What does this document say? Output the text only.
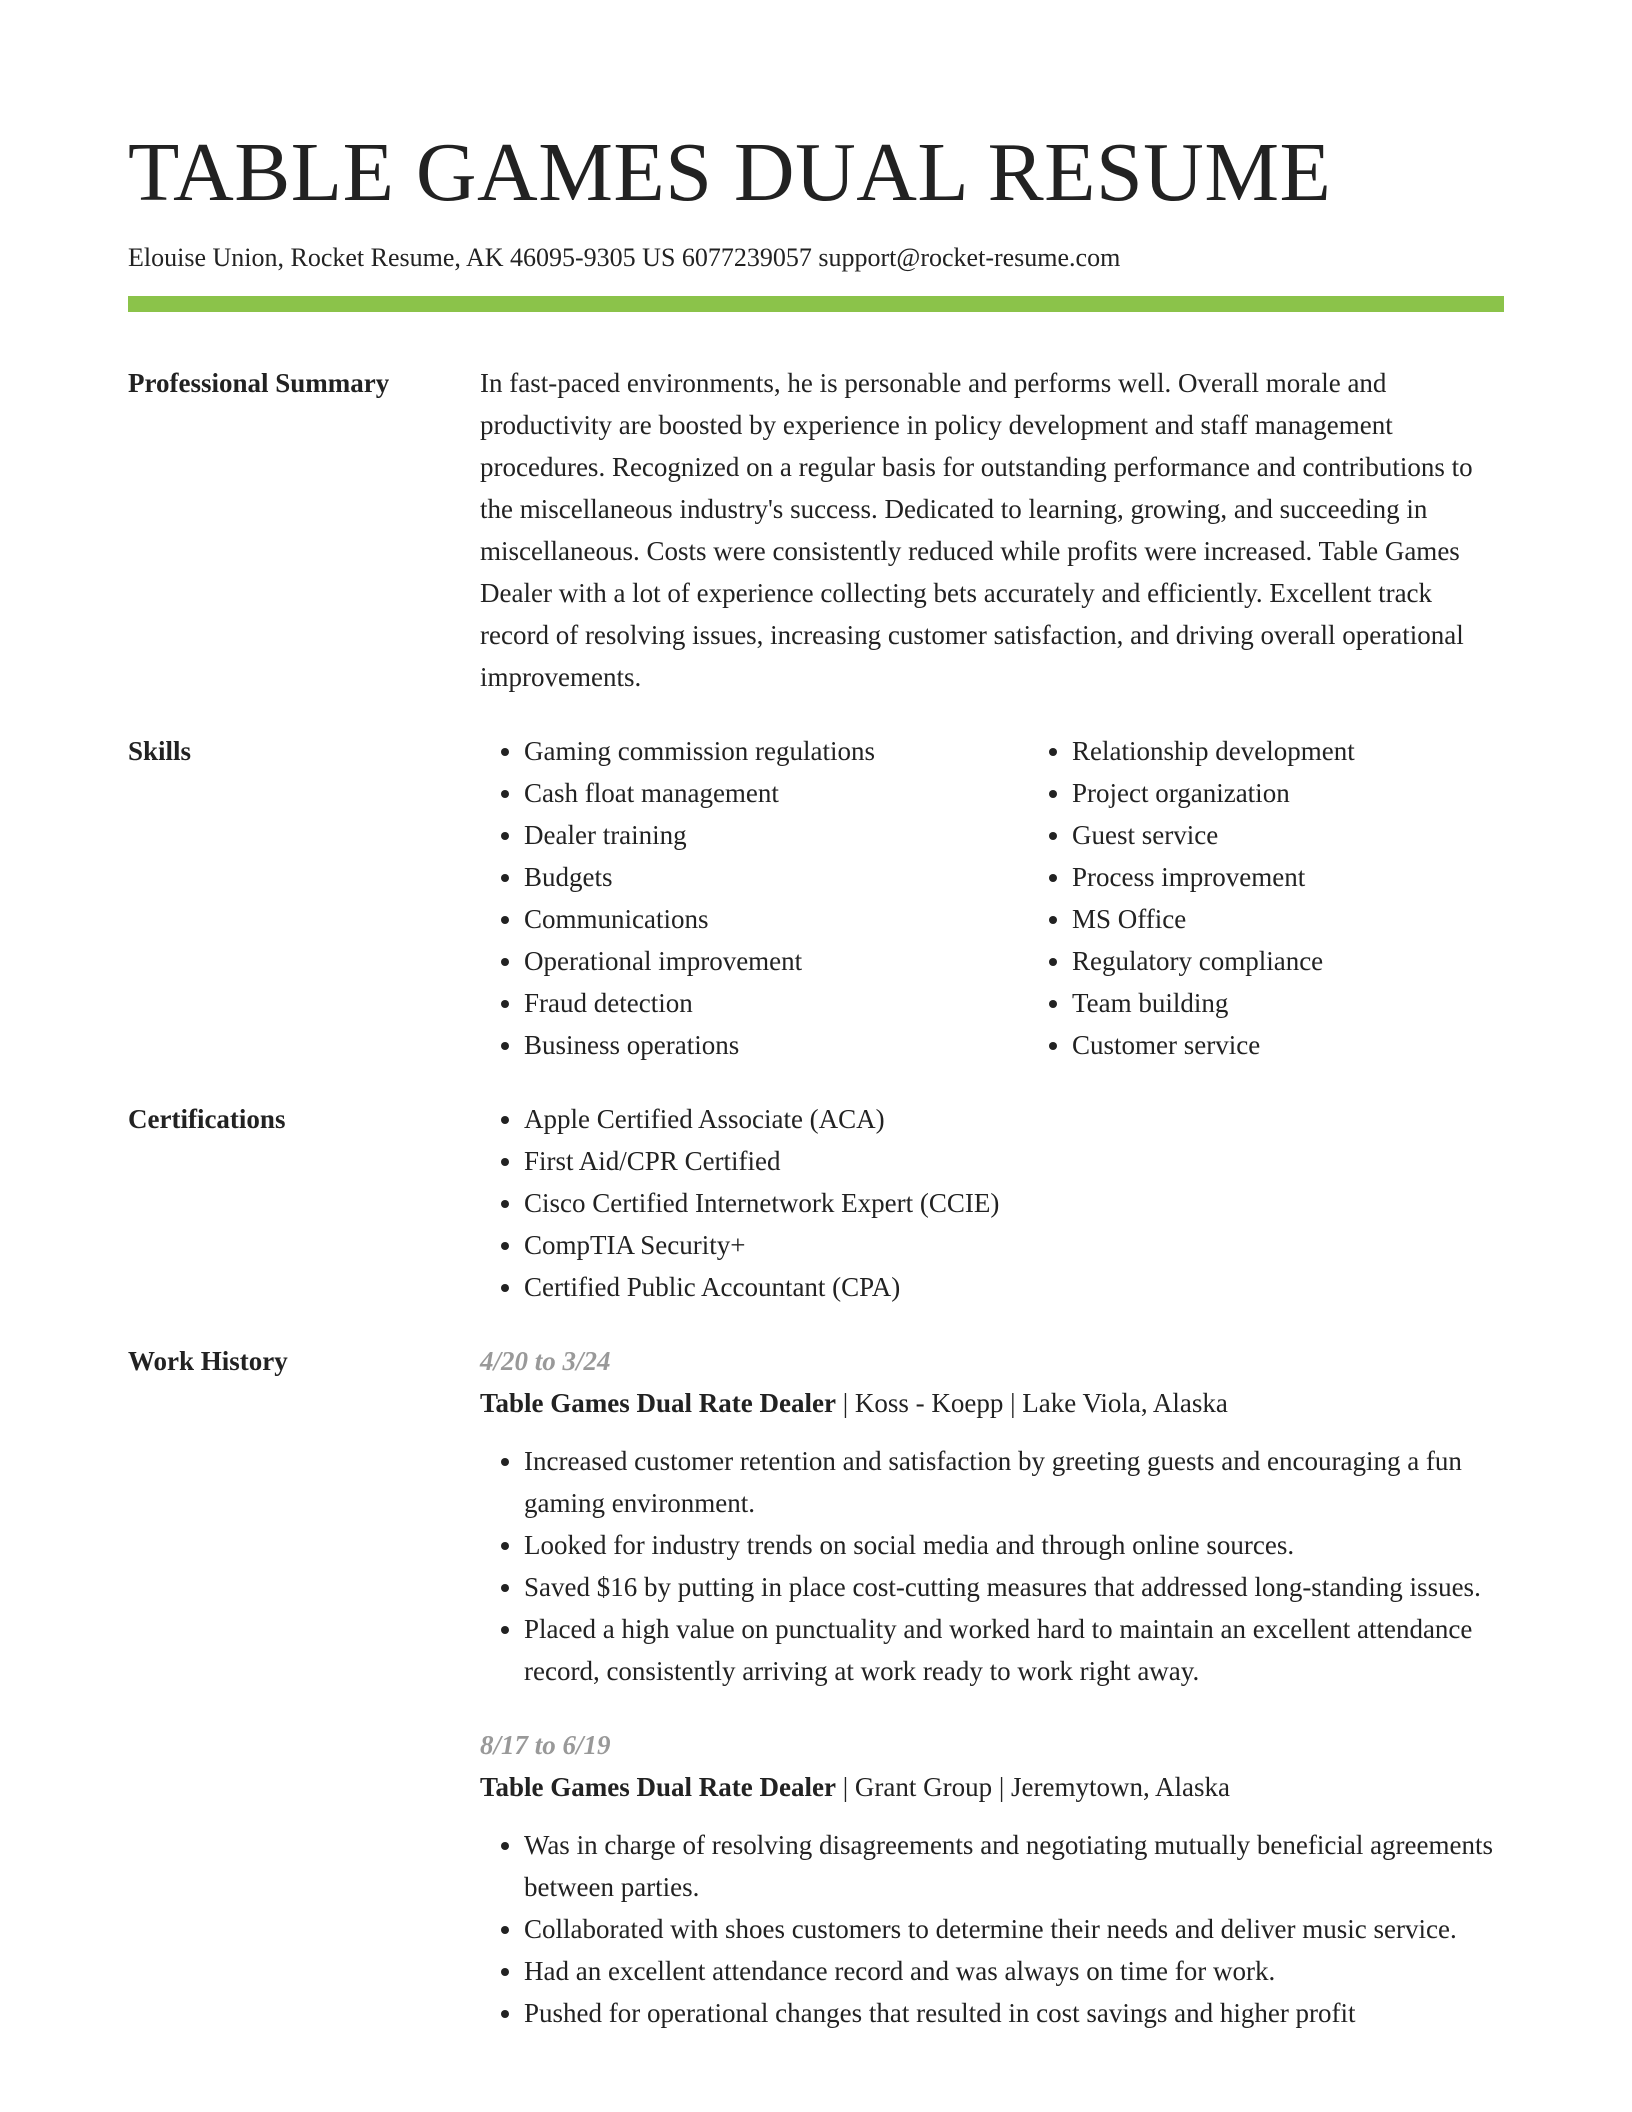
TABLE GAMES DUAL RESUME
Elouise Union, Rocket Resume, AK 46095-9305 US 6077239057 support@rocket-resume.com
Professional Summary	In fast-paced environments, he is personable and performs well. Overall morale and productivity are boosted by experience in policy development and staff management procedures. Recognized on a regular basis for outstanding performance and contributions to the miscellaneous industry's success. Dedicated to learning, growing, and succeeding in miscellaneous. Costs were consistently reduced while profits were increased. Table Games Dealer with a lot of experience collecting bets accurately and efficiently. Excellent track record of resolving issues, increasing customer satisfaction, and driving overall operational improvements.

Skills	• Gaming commission regulations
• Cash float management
• Dealer training
• Budgets
• Communications
• Operational improvement
• Fraud detection
• Business operations
• Relationship development
• Project organization
• Guest service
• Process improvement
• MS Office
• Regulatory compliance
• Team building
• Customer service
Certifications	• Apple Certified Associate (ACA)
• First Aid/CPR Certified
• Cisco Certified Internetwork Expert (CCIE)
• CompTIA Security+
• Certified Public Accountant (CPA)
Work History	4/20 to 3/24
Table Games Dual Rate Dealer | Koss - Koepp | Lake Viola, Alaska
• Increased customer retention and satisfaction by greeting guests and encouraging a fun gaming environment.
• Looked for industry trends on social media and through online sources.
• Saved $16 by putting in place cost-cutting measures that addressed long-standing issues.
• Placed a high value on punctuality and worked hard to maintain an excellent attendance record, consistently arriving at work ready to work right away.
8/17 to 6/19
Table Games Dual Rate Dealer | Grant Group | Jeremytown, Alaska
• Was in charge of resolving disagreements and negotiating mutually beneficial agreements between parties.
• Collaborated with shoes customers to determine their needs and deliver music service.
• Had an excellent attendance record and was always on time for work.
• Pushed for operational changes that resulted in cost savings and higher profit
